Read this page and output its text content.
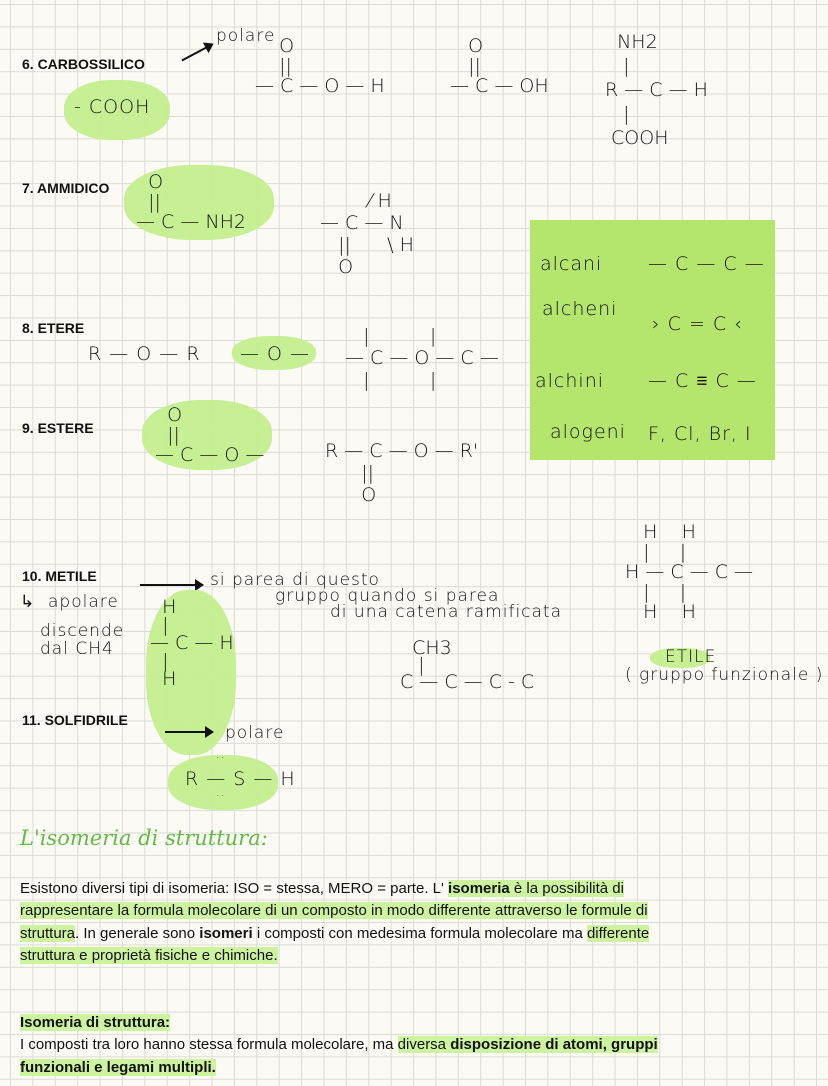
6. CARBOSSILICO
polare
- COOH
O
||
— C — O — H
O
||
— C — OH
NH2
|
R — C — H
|
COOH
7. AMMIDICO	O
||
— C — NH2
⁄ H
— C — N
||      \ H
O	alcani — C — C —
alcheni
› C = C ‹
alchini — C ≡ C —
alogeni F, Cl, Br, I
8. ETERE
R — O — R — O —
|          |
— C — O — C —
|          |
9. ESTERE
O
||
— C — O —	R — C — O — R'
||
O
10. METILE	si parea di questo
gruppo quando si parea
di una catena ramificata
↳ apolare
discende
dal CH4
H
|
— C — H
|
H
CH3
|
C — C — C - C
H    H
|     |
H — C — C —
|     |
H    H
ETILE
( gruppo funzionale )
11. SOLFIDRILE
polare
··
R — S — H
··
L'isomeria di struttura:
Esistono diversi tipi di isomeria: ISO = stessa, MERO = parte. L' isomeria è la possibilità di
rappresentare la formula molecolare di un composto in modo differente attraverso le formule di
struttura. In generale sono isomeri i composti con medesima formula molecolare ma differente
struttura e proprietà fisiche e chimiche.
Isomeria di struttura:
I composti tra loro hanno stessa formula molecolare, ma diversa disposizione di atomi, gruppi
funzionali e legami multipli.
